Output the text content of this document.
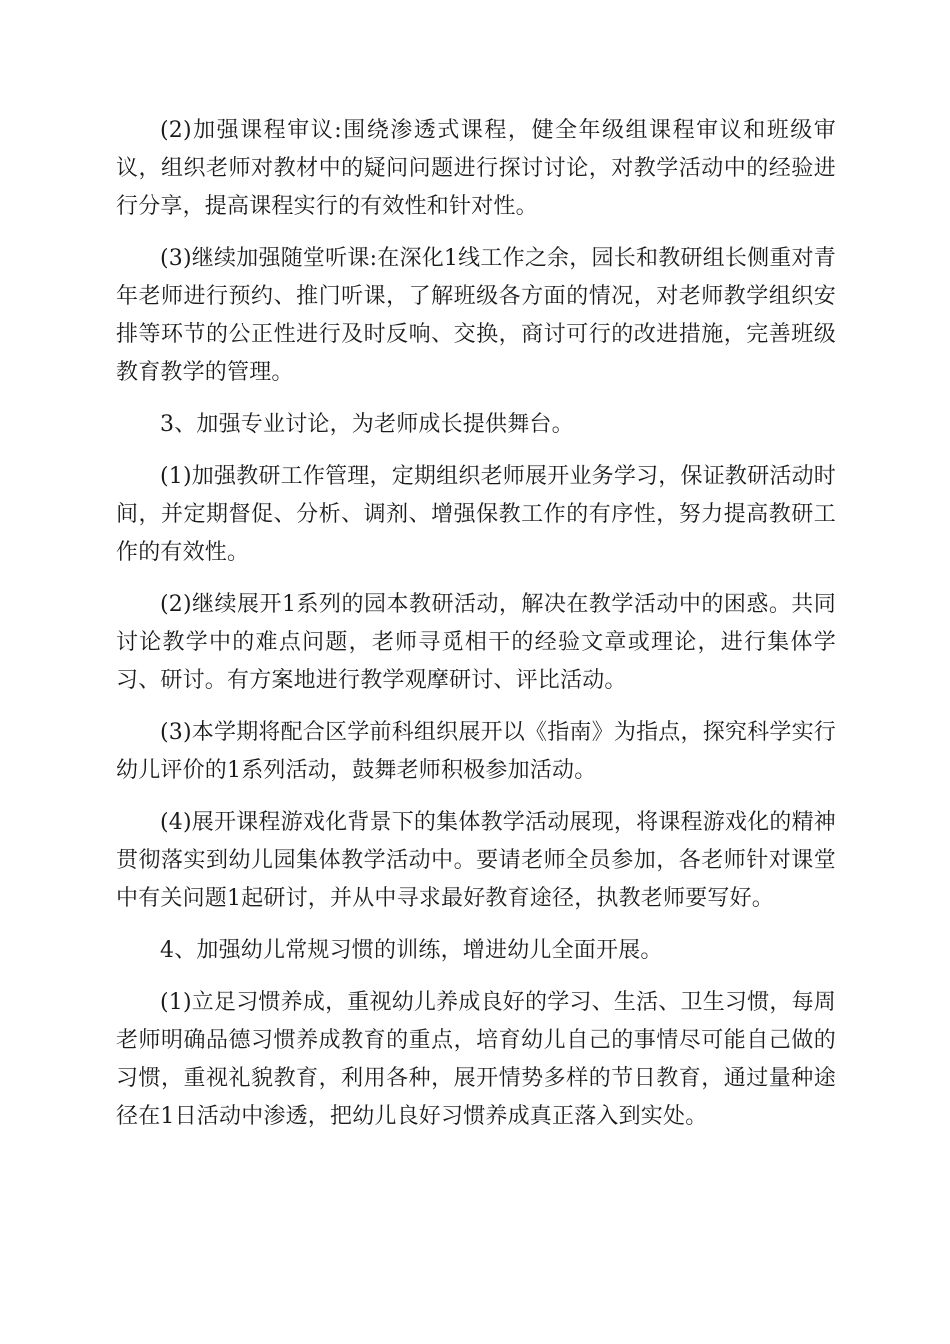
(2)加强课程审议:围绕渗透式课程，健全年级组课程审议和班级审议，组织老师对教材中的疑问问题进行探讨讨论，对教学活动中的经验进行分享，提高课程实行的有效性和针对性。

(3)继续加强随堂听课:在深化1线工作之余，园长和教研组长侧重对青年老师进行预约、推门听课，了解班级各方面的情况，对老师教学组织安排等环节的公正性进行及时反响、交换，商讨可行的改进措施，完善班级教育教学的管理。

3、加强专业讨论，为老师成长提供舞台。

(1)加强教研工作管理，定期组织老师展开业务学习，保证教研活动时间，并定期督促、分析、调剂、增强保教工作的有序性，努力提高教研工作的有效性。

(2)继续展开1系列的园本教研活动，解决在教学活动中的困惑。共同讨论教学中的难点问题，老师寻觅相干的经验文章或理论，进行集体学习、研讨。有方案地进行教学观摩研讨、评比活动。

(3)本学期将配合区学前科组织展开以《指南》为指点，探究科学实行幼儿评价的1系列活动，鼓舞老师积极参加活动。

(4)展开课程游戏化背景下的集体教学活动展现，将课程游戏化的精神贯彻落实到幼儿园集体教学活动中。要请老师全员参加，各老师针对课堂中有关问题1起研讨，并从中寻求最好教育途径，执教老师要写好。

4、加强幼儿常规习惯的训练，增进幼儿全面开展。

(1)立足习惯养成，重视幼儿养成良好的学习、生活、卫生习惯，每周老师明确品德习惯养成教育的重点，培育幼儿自己的事情尽可能自己做的习惯，重视礼貌教育，利用各种，展开情势多样的节日教育，通过量种途径在1日活动中渗透，把幼儿良好习惯养成真正落入到实处。
